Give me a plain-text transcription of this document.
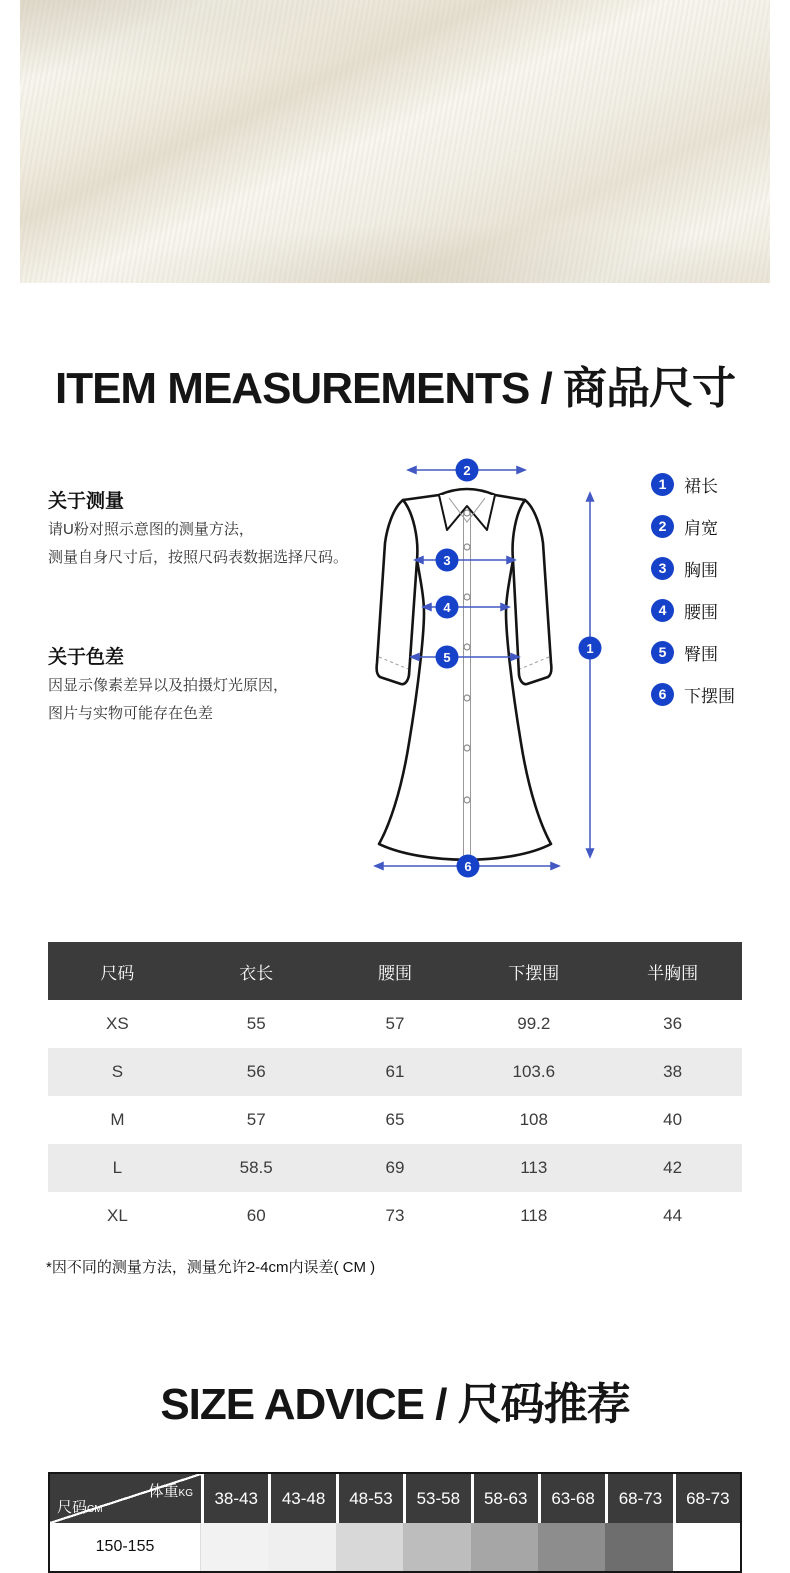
ITEM MEASUREMENTS / 商品尺寸
关于测量
请U粉对照示意图的测量方法，
测量自身尺寸后，按照尺码表数据选择尺码。
关于色差
因显示像素差异以及拍摄灯光原因，
图片与实物可能存在色差
2
3
4
5
6
1
1	裙长
2	肩宽
3	胸围
4	腰围
5	臀围
6	下摆围
尺码	衣长	腰围	下摆围	半胸围
XS	55	57	99.2	36
S	56	61	103.6	38
M	57	65	108	40
L	58.5	69	113	42
XL	60	73	118	44
*因不同的测量方法，测量允许2-4cm内误差( CM )
SIZE ADVICE / 尺码推荐
体重KG
尺码CM
38-43	43-48	48-53	53-58	58-63	63-68	68-73	68-73
150-155
